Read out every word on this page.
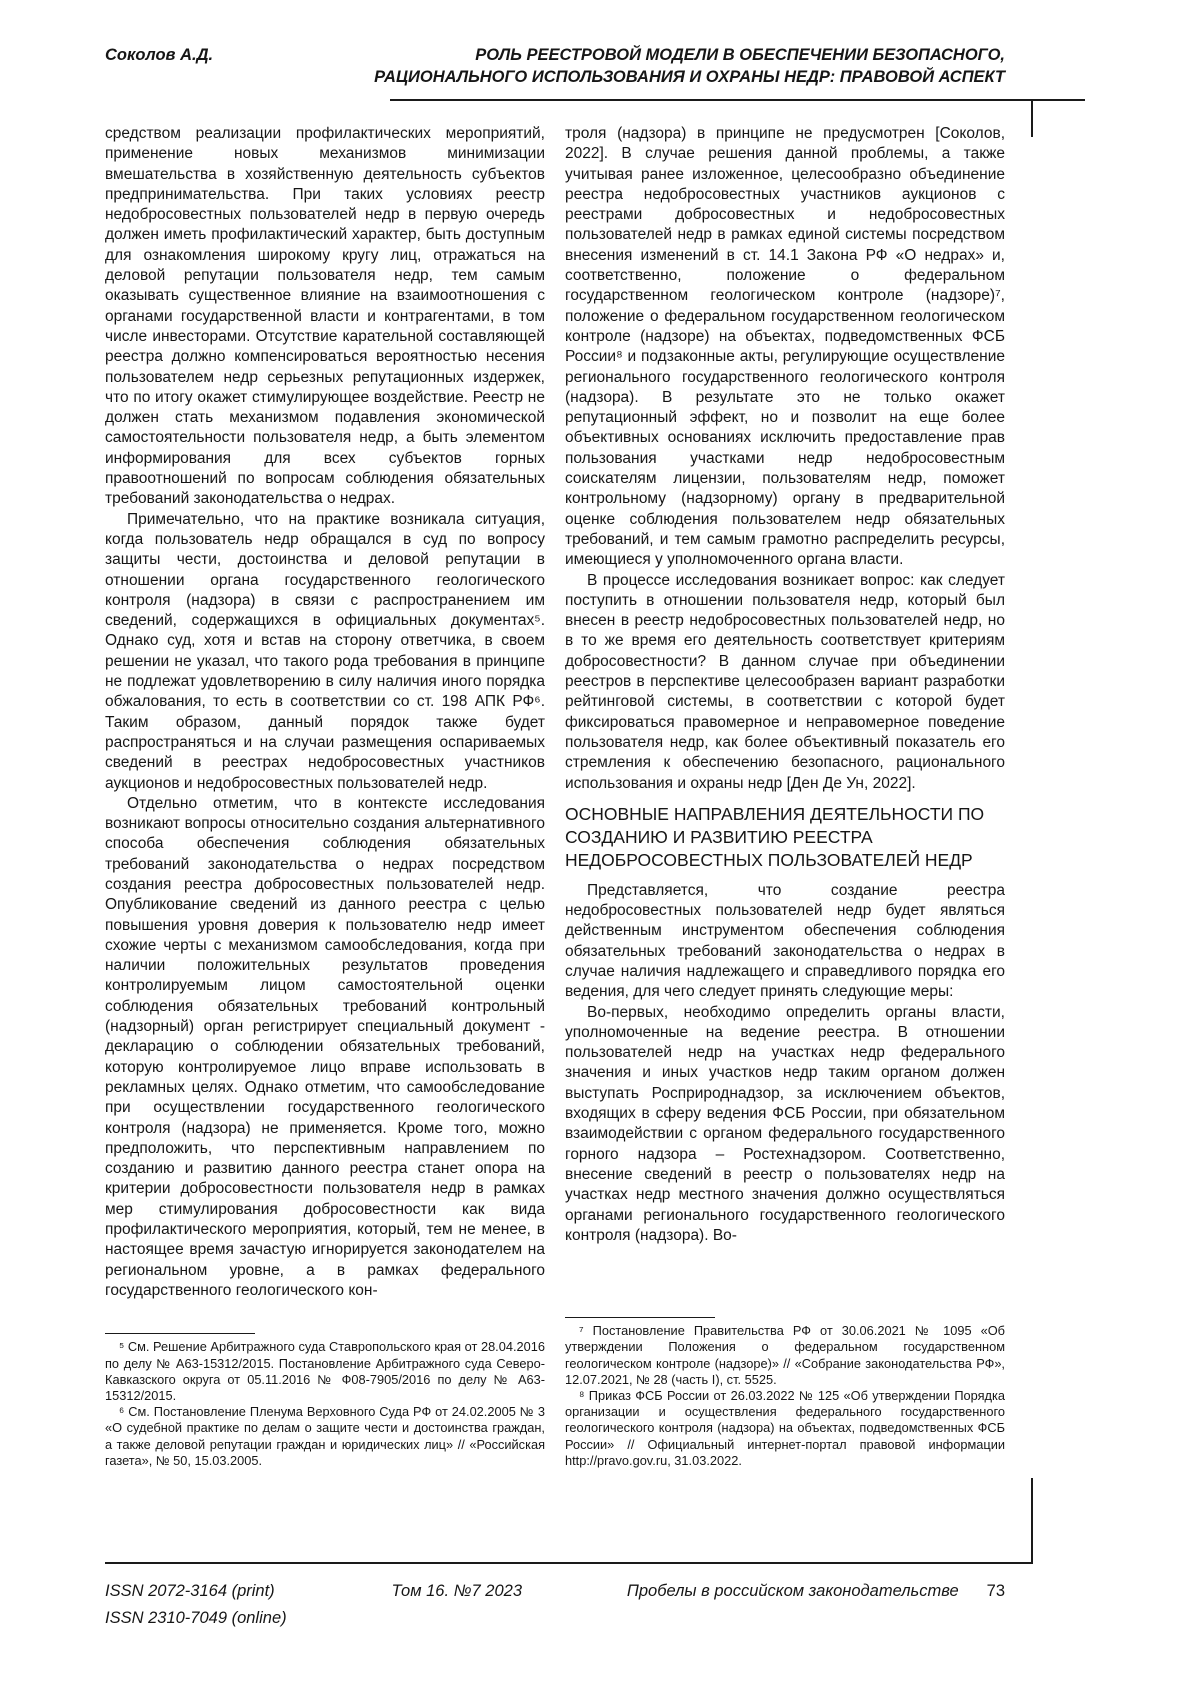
Соколов А.Д.	РОЛЬ РЕЕСТРОВОЙ МОДЕЛИ В ОБЕСПЕЧЕНИИ БЕЗОПАСНОГО,
РАЦИОНАЛЬНОГО ИСПОЛЬЗОВАНИЯ И ОХРАНЫ НЕДР: ПРАВОВОЙ АСПЕКТ

средством реализации профилактических мероприятий, применение новых механизмов минимизации вмешательства в хозяйственную деятельность субъектов предпринимательства. При таких условиях реестр недобросовестных пользователей недр в первую очередь должен иметь профилактический характер, быть доступным для ознакомления широкому кругу лиц, отражаться на деловой репутации пользователя недр, тем самым оказывать существенное влияние на взаимоотношения с органами государственной власти и контрагентами, в том числе инвесторами. Отсутствие карательной составляющей реестра должно компенсироваться вероятностью несения пользователем недр серьезных репутационных издержек, что по итогу окажет стимулирующее воздействие. Реестр не должен стать механизмом подавления экономической самостоятельности пользователя недр, а быть элементом информирования для всех субъектов горных правоотношений по вопросам соблюдения обязательных требований законодательства о недрах.

Примечательно, что на практике возникала ситуация, когда пользователь недр обращался в суд по вопросу защиты чести, достоинства и деловой репутации в отношении органа государственного геологического контроля (надзора) в связи с распространением им сведений, содержащихся в официальных документах⁵. Однако суд, хотя и встав на сторону ответчика, в своем решении не указал, что такого рода требования в принципе не подлежат удовлетворению в силу наличия иного порядка обжалования, то есть в соответствии со ст. 198 АПК РФ⁶. Таким образом, данный порядок также будет распространяться и на случаи размещения оспариваемых сведений в реестрах недобросовестных участников аукционов и недобросовестных пользователей недр.

Отдельно отметим, что в контексте исследования возникают вопросы относительно создания альтернативного способа обеспечения соблюдения обязательных требований законодательства о недрах посредством создания реестра добросовестных пользователей недр. Опубликование сведений из данного реестра с целью повышения уровня доверия к пользователю недр имеет схожие черты с механизмом самообследования, когда при наличии положительных результатов проведения контролируемым лицом самостоятельной оценки соблюдения обязательных требований контрольный (надзорный) орган регистрирует специальный документ - декларацию о соблюдении обязательных требований, которую контролируемое лицо вправе использовать в рекламных целях. Однако отметим, что самообследование при осуществлении государственного геологического контроля (надзора) не применяется. Кроме того, можно предположить, что перспективным направлением по созданию и развитию данного реестра станет опора на критерии добросовестности пользователя недр в рамках мер стимулирования добросовестности как вида профилактического мероприятия, который, тем не менее, в настоящее время зачастую игнорируется законодателем на региональном уровне, а в рамках федерального государственного геологического кон-

⁵ См. Решение Арбитражного суда Ставропольского края от 28.04.2016 по делу № А63-15312/2015. Постановление Арбитражного суда Северо-Кавказского округа от 05.11.2016 № Ф08-7905/2016 по делу № А63-15312/2015.

⁶ См. Постановление Пленума Верховного Суда РФ от 24.02.2005 № 3 «О судебной практике по делам о защите чести и достоинства граждан, а также деловой репутации граждан и юридических лиц» // «Российская газета», № 50, 15.03.2005.

троля (надзора) в принципе не предусмотрен [Соколов, 2022]. В случае решения данной проблемы, а также учитывая ранее изложенное, целесообразно объединение реестра недобросовестных участников аукционов с реестрами добросовестных и недобросовестных пользователей недр в рамках единой системы посредством внесения изменений в ст. 14.1 Закона РФ «О недрах» и, соответственно, положение о федеральном государственном геологическом контроле (надзоре)⁷, положение о федеральном государственном геологическом контроле (надзоре) на объектах, подведомственных ФСБ России⁸ и подзаконные акты, регулирующие осуществление регионального государственного геологического контроля (надзора). В результате это не только окажет репутационный эффект, но и позволит на еще более объективных основаниях исключить предоставление прав пользования участками недр недобросовестным соискателям лицензии, пользователям недр, поможет контрольному (надзорному) органу в предварительной оценке соблюдения пользователем недр обязательных требований, и тем самым грамотно распределить ресурсы, имеющиеся у уполномоченного органа власти.

В процессе исследования возникает вопрос: как следует поступить в отношении пользователя недр, который был внесен в реестр недобросовестных пользователей недр, но в то же время его деятельность соответствует критериям добросовестности? В данном случае при объединении реестров в перспективе целесообразен вариант разработки рейтинговой системы, в соответствии с которой будет фиксироваться правомерное и неправомерное поведение пользователя недр, как более объективный показатель его стремления к обеспечению безопасного, рационального использования и охраны недр [Ден Де Ун, 2022].

ОСНОВНЫЕ НАПРАВЛЕНИЯ ДЕЯТЕЛЬНОСТИ ПО СОЗДАНИЮ И РАЗВИТИЮ РЕЕСТРА НЕДОБРОСОВЕСТНЫХ ПОЛЬЗОВАТЕЛЕЙ НЕДР

Представляется, что создание реестра недобросовестных пользователей недр будет являться действенным инструментом обеспечения соблюдения обязательных требований законодательства о недрах в случае наличия надлежащего и справедливого порядка его ведения, для чего следует принять следующие меры:

Во-первых, необходимо определить органы власти, уполномоченные на ведение реестра. В отношении пользователей недр на участках недр федерального значения и иных участков недр таким органом должен выступать Росприроднадзор, за исключением объектов, входящих в сферу ведения ФСБ России, при обязательном взаимодействии с органом федерального государственного горного надзора – Ростехнадзором. Соответственно, внесение сведений в реестр о пользователях недр на участках недр местного значения должно осуществляться органами регионального государственного геологического контроля (надзора). Во-

⁷ Постановление Правительства РФ от 30.06.2021 № 1095 «Об утверждении Положения о федеральном государственном геологическом контроле (надзоре)» // «Собрание законодательства РФ», 12.07.2021, № 28 (часть I), ст. 5525.

⁸ Приказ ФСБ России от 26.03.2022 № 125 «Об утверждении Порядка организации и осуществления федерального государственного геологического контроля (надзора) на объектах, подведомственных ФСБ России» // Официальный интернет-портал правовой информации http://pravo.gov.ru, 31.03.2022.

ISSN 2072-3164 (print)
ISSN 2310-7049 (online)
Том 16. №7 2023	Пробелы в российском законодательстве 73
